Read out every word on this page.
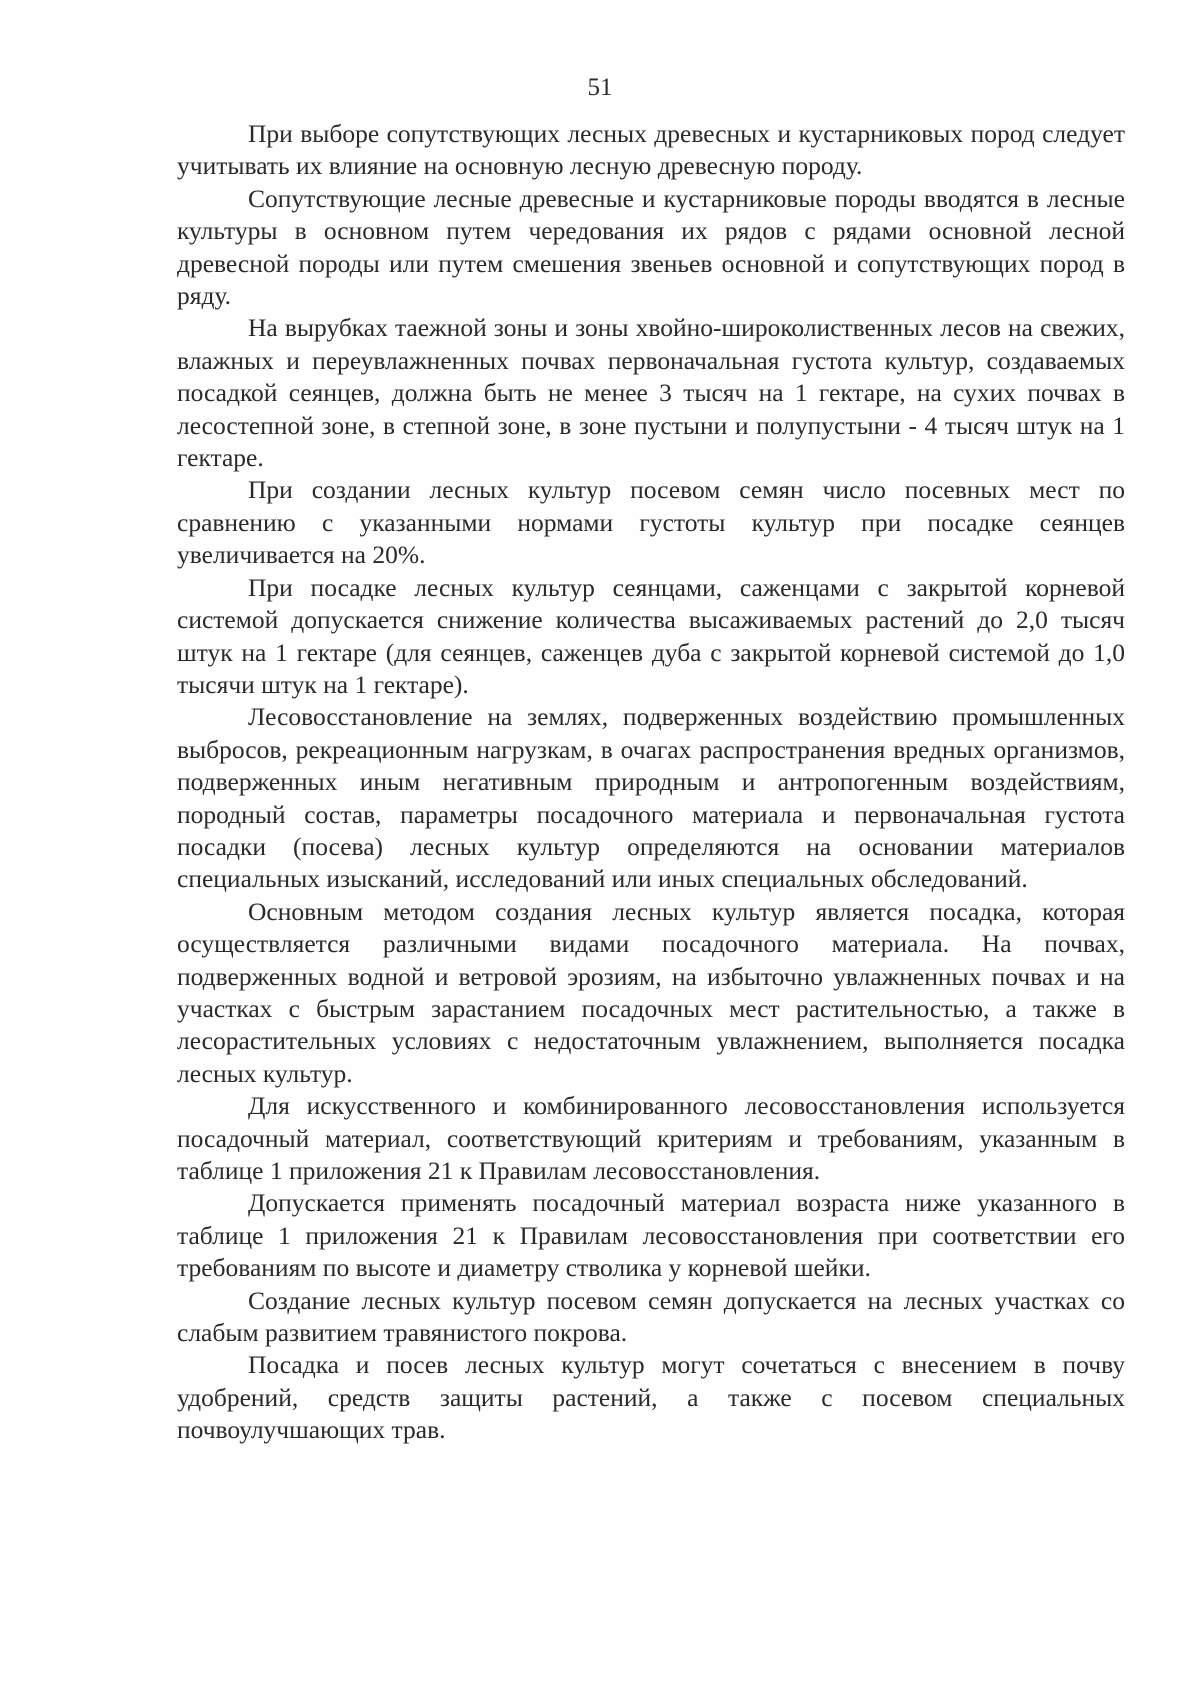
51

При выборе сопутствующих лесных древесных и кустарниковых пород следует учитывать их влияние на основную лесную древесную породу.

Сопутствующие лесные древесные и кустарниковые породы вводятся в лесные культуры в основном путем чередования их рядов с рядами основной лесной древесной породы или путем смешения звеньев основной и сопутствующих пород в ряду.

На вырубках таежной зоны и зоны хвойно-широколиственных лесов на свежих, влажных и переувлажненных почвах первоначальная густота культур, создаваемых посадкой сеянцев, должна быть не менее 3 тысяч на 1 гектаре, на сухих почвах в лесостепной зоне, в степной зоне, в зоне пустыни и полупустыни - 4 тысяч штук на 1 гектаре.

При создании лесных культур посевом семян число посевных мест по сравнению с указанными нормами густоты культур при посадке сеянцев увеличивается на 20%.

При посадке лесных культур сеянцами, саженцами с закрытой корневой системой допускается снижение количества высаживаемых растений до 2,0 тысяч штук на 1 гектаре (для сеянцев, саженцев дуба с закрытой корневой системой до 1,0 тысячи штук на 1 гектаре).

Лесовосстановление на землях, подверженных воздействию промышленных выбросов, рекреационным нагрузкам, в очагах распространения вредных организмов, подверженных иным негативным природным и антропогенным воздействиям, породный состав, параметры посадочного материала и первоначальная густота посадки (посева) лесных культур определяются на основании материалов специальных изысканий, исследований или иных специальных обследований.

Основным методом создания лесных культур является посадка, которая осуществляется различными видами посадочного материала. На почвах, подверженных водной и ветровой эрозиям, на избыточно увлажненных почвах и на участках с быстрым зарастанием посадочных мест растительностью, а также в лесорастительных условиях с недостаточным увлажнением, выполняется посадка лесных культур.

Для искусственного и комбинированного лесовосстановления используется посадочный материал, соответствующий критериям и требованиям, указанным в таблице 1 приложения 21 к Правилам лесовосстановления.

Допускается применять посадочный материал возраста ниже указанного в таблице 1 приложения 21 к Правилам лесовосстановления при соответствии его требованиям по высоте и диаметру стволика у корневой шейки.

Создание лесных культур посевом семян допускается на лесных участках со слабым развитием травянистого покрова.

Посадка и посев лесных культур могут сочетаться с внесением в почву удобрений, средств защиты растений, а также с посевом специальных почвоулучшающих трав.
